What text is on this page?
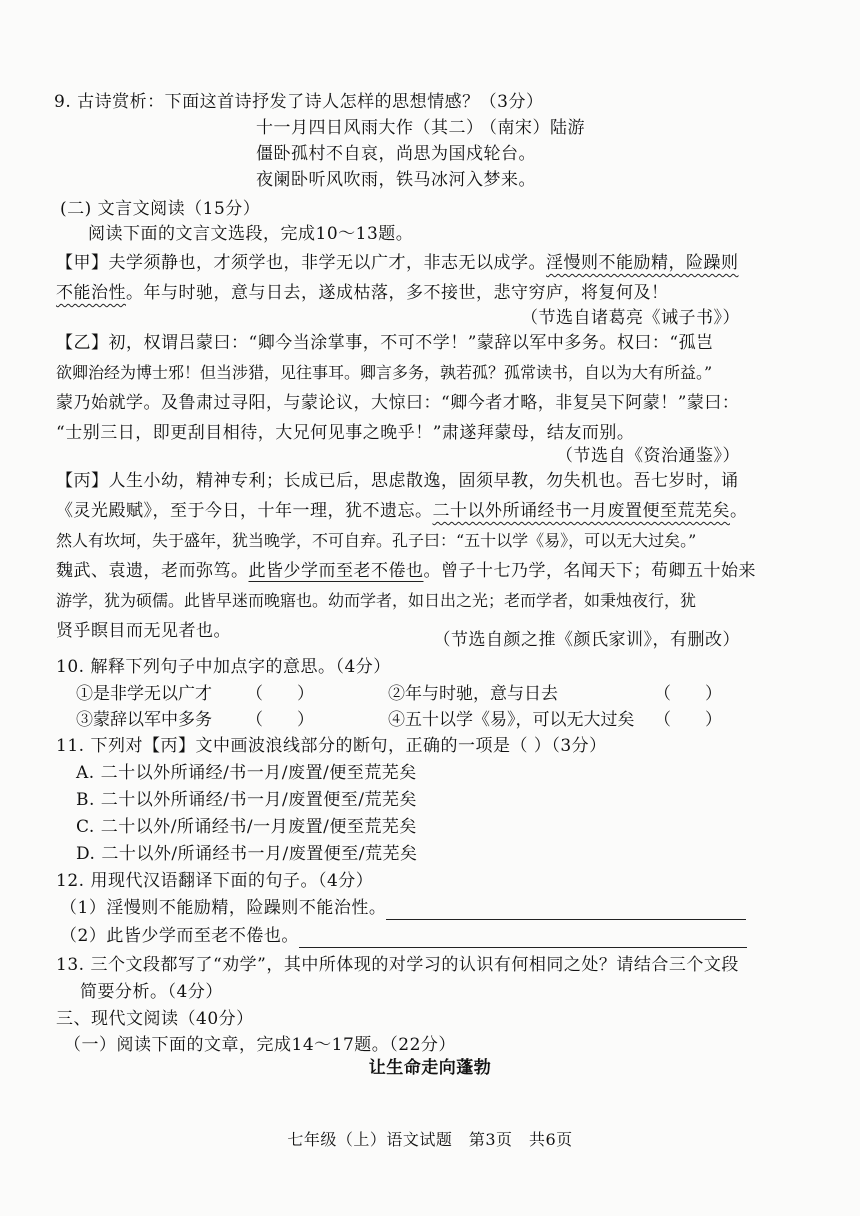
9. 古诗赏析：下面这首诗抒发了诗人怎样的思想情感？（3分）
十一月四日风雨大作（其二）
（南宋）陆游
僵卧孤村不自哀，尚思为国戍轮台。
夜阑卧听风吹雨，铁马冰河入梦来。
(二) 文言文阅读（15分）
阅读下面的文言文选段，完成10～13题。
【甲】夫学须静也，才须学也，非学无以广才，非志无以成学。淫慢则不能励精，险躁则
不能治性。年与时驰，意与日去，遂成枯落，多不接世，悲守穷庐，将复何及！
（节选自诸葛亮《诫子书》）
【乙】初，权谓吕蒙曰：“卿今当涂掌事，不可不学！”蒙辞以军中多务。权曰：“孤岂
欲卿治经为博士邪！但当涉猎，见往事耳。卿言多务，孰若孤？孤常读书，自以为大有所益。”
蒙乃始就学。及鲁肃过寻阳，与蒙论议，大惊曰：“卿今者才略，非复吴下阿蒙！”蒙曰：
“士别三日，即更刮目相待，大兄何见事之晚乎！”肃遂拜蒙母，结友而别。
（节选自《资治通鉴》）
【丙】人生小幼，精神专利；长成已后，思虑散逸，固须早教，勿失机也。吾七岁时，诵
《灵光殿赋》，至于今日，十年一理，犹不遗忘。二十以外所诵经书一月废置便至荒芜矣。
然人有坎坷，失于盛年，犹当晚学，不可自弃。孔子曰：“五十以学《易》，可以无大过矣。”
魏武、袁遗，老而弥笃。此皆少学而至老不倦也。曾子十七乃学，名闻天下；荀卿五十始来
游学，犹为硕儒。此皆早迷而晚寤也。幼而学者，如日出之光；老而学者，如秉烛夜行，犹
贤乎瞑目而无见者也。	（节选自颜之推《颜氏家训》，有删改）
10. 解释下列句子中加点字的意思。（4分）
①是非学无以广才 （　　）	②年与时驰，意与日去	（　　）
③蒙辞以军中多务 （　　）	④五十以学《易》，可以无大过矣 （　　）
11. 下列对【丙】文中画波浪线部分的断句，正确的一项是（ ）（3分）
A. 二十以外所诵经/书一月/废置/便至荒芜矣
B. 二十以外所诵经/书一月/废置便至/荒芜矣
C. 二十以外/所诵经书/一月废置/便至荒芜矣
D. 二十以外/所诵经书一月/废置便至/荒芜矣
12. 用现代汉语翻译下面的句子。（4分）
（1）淫慢则不能励精，险躁则不能治性。
（2）此皆少学而至老不倦也。
13. 三个文段都写了“劝学”，其中所体现的对学习的认识有何相同之处？请结合三个文段
简要分析。（4分）
三、现代文阅读（40分）
（一）阅读下面的文章，完成14～17题。（22分）
让生命走向蓬勃
七年级（上）语文试题　第3页　共6页
